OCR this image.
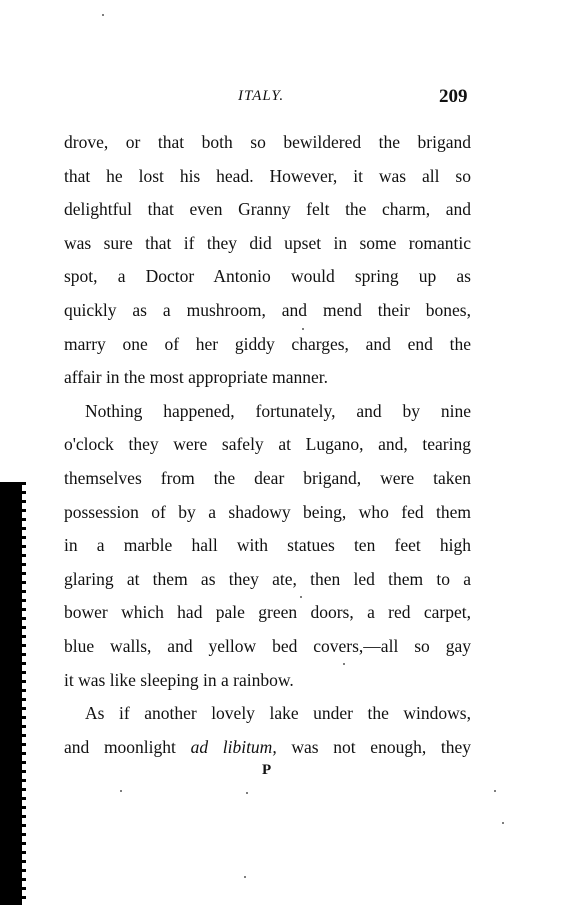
ITALY.	209
drove, or that both so bewildered the brigand
that he lost his head. However, it was all so
delightful that even Granny felt the charm, and
was sure that if they did upset in some romantic
spot, a Doctor Antonio would spring up as
quickly as a mushroom, and mend their bones,
marry one of her giddy charges, and end the
affair in the most appropriate manner.
Nothing happened, fortunately, and by nine
o'clock they were safely at Lugano, and, tearing
themselves from the dear brigand, were taken
possession of by a shadowy being, who fed them
in a marble hall with statues ten feet high
glaring at them as they ate, then led them to a
bower which had pale green doors, a red carpet,
blue walls, and yellow bed covers,—all so gay
it was like sleeping in a rainbow.
As if another lovely lake under the windows,
and moonlight ad libitum, was not enough, they
P
